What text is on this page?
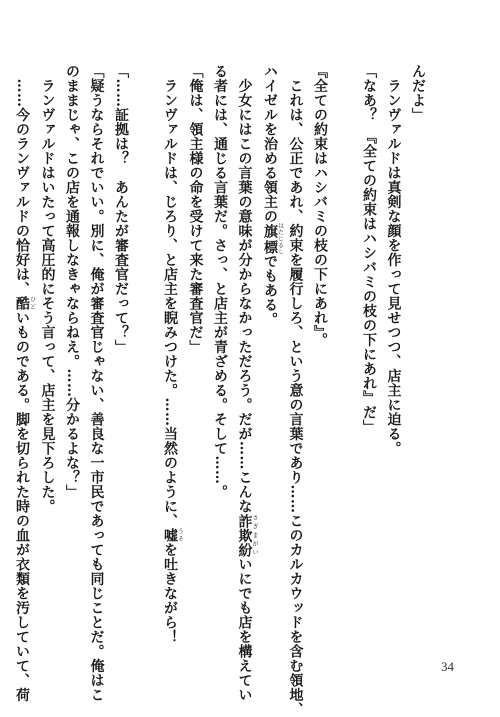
んだよ」
　ランヴァルドは真剣な顔を作って見せつつ、店主に迫る。
「なあ？　『全ての約束はハシバミの枝の下にあれ』だ」

『全ての約束はハシバミの枝の下にあれ』。
　これは、公正であれ、約束を履行しろ、という意の言葉であり……このカルカウッドを含む領地、
ハイゼルを治める領主の旗標はたじるしでもある。
　少女にはこの言葉の意味が分からなかっただろう。だが……こんな詐欺紛さぎまがいいにでも店を構えてい
る者には、通じる言葉だ。さっ、と店主が青ざめる。そして……。
「俺は、領主様の命を受けて来た審査官だ」
　ランヴァルドは、じろり、と店主を睨みつけた。……当然のように、嘘うそを吐きながら！

「……証拠は？　あんたが審査官だって？」
「疑うならそれでいい。別に、俺が審査官じゃない、善良な一市民であっても同じことだ。俺はこ
のままじゃ、この店を通報しなきゃならねえ。……分かるよな？」
　ランヴァルドはいたって高圧的にそう言って、店主を見下ろした。
　……今のランヴァルドの恰好は、酷ひどいものである。脚を切られた時の血が衣類を汚していて、荷	34
